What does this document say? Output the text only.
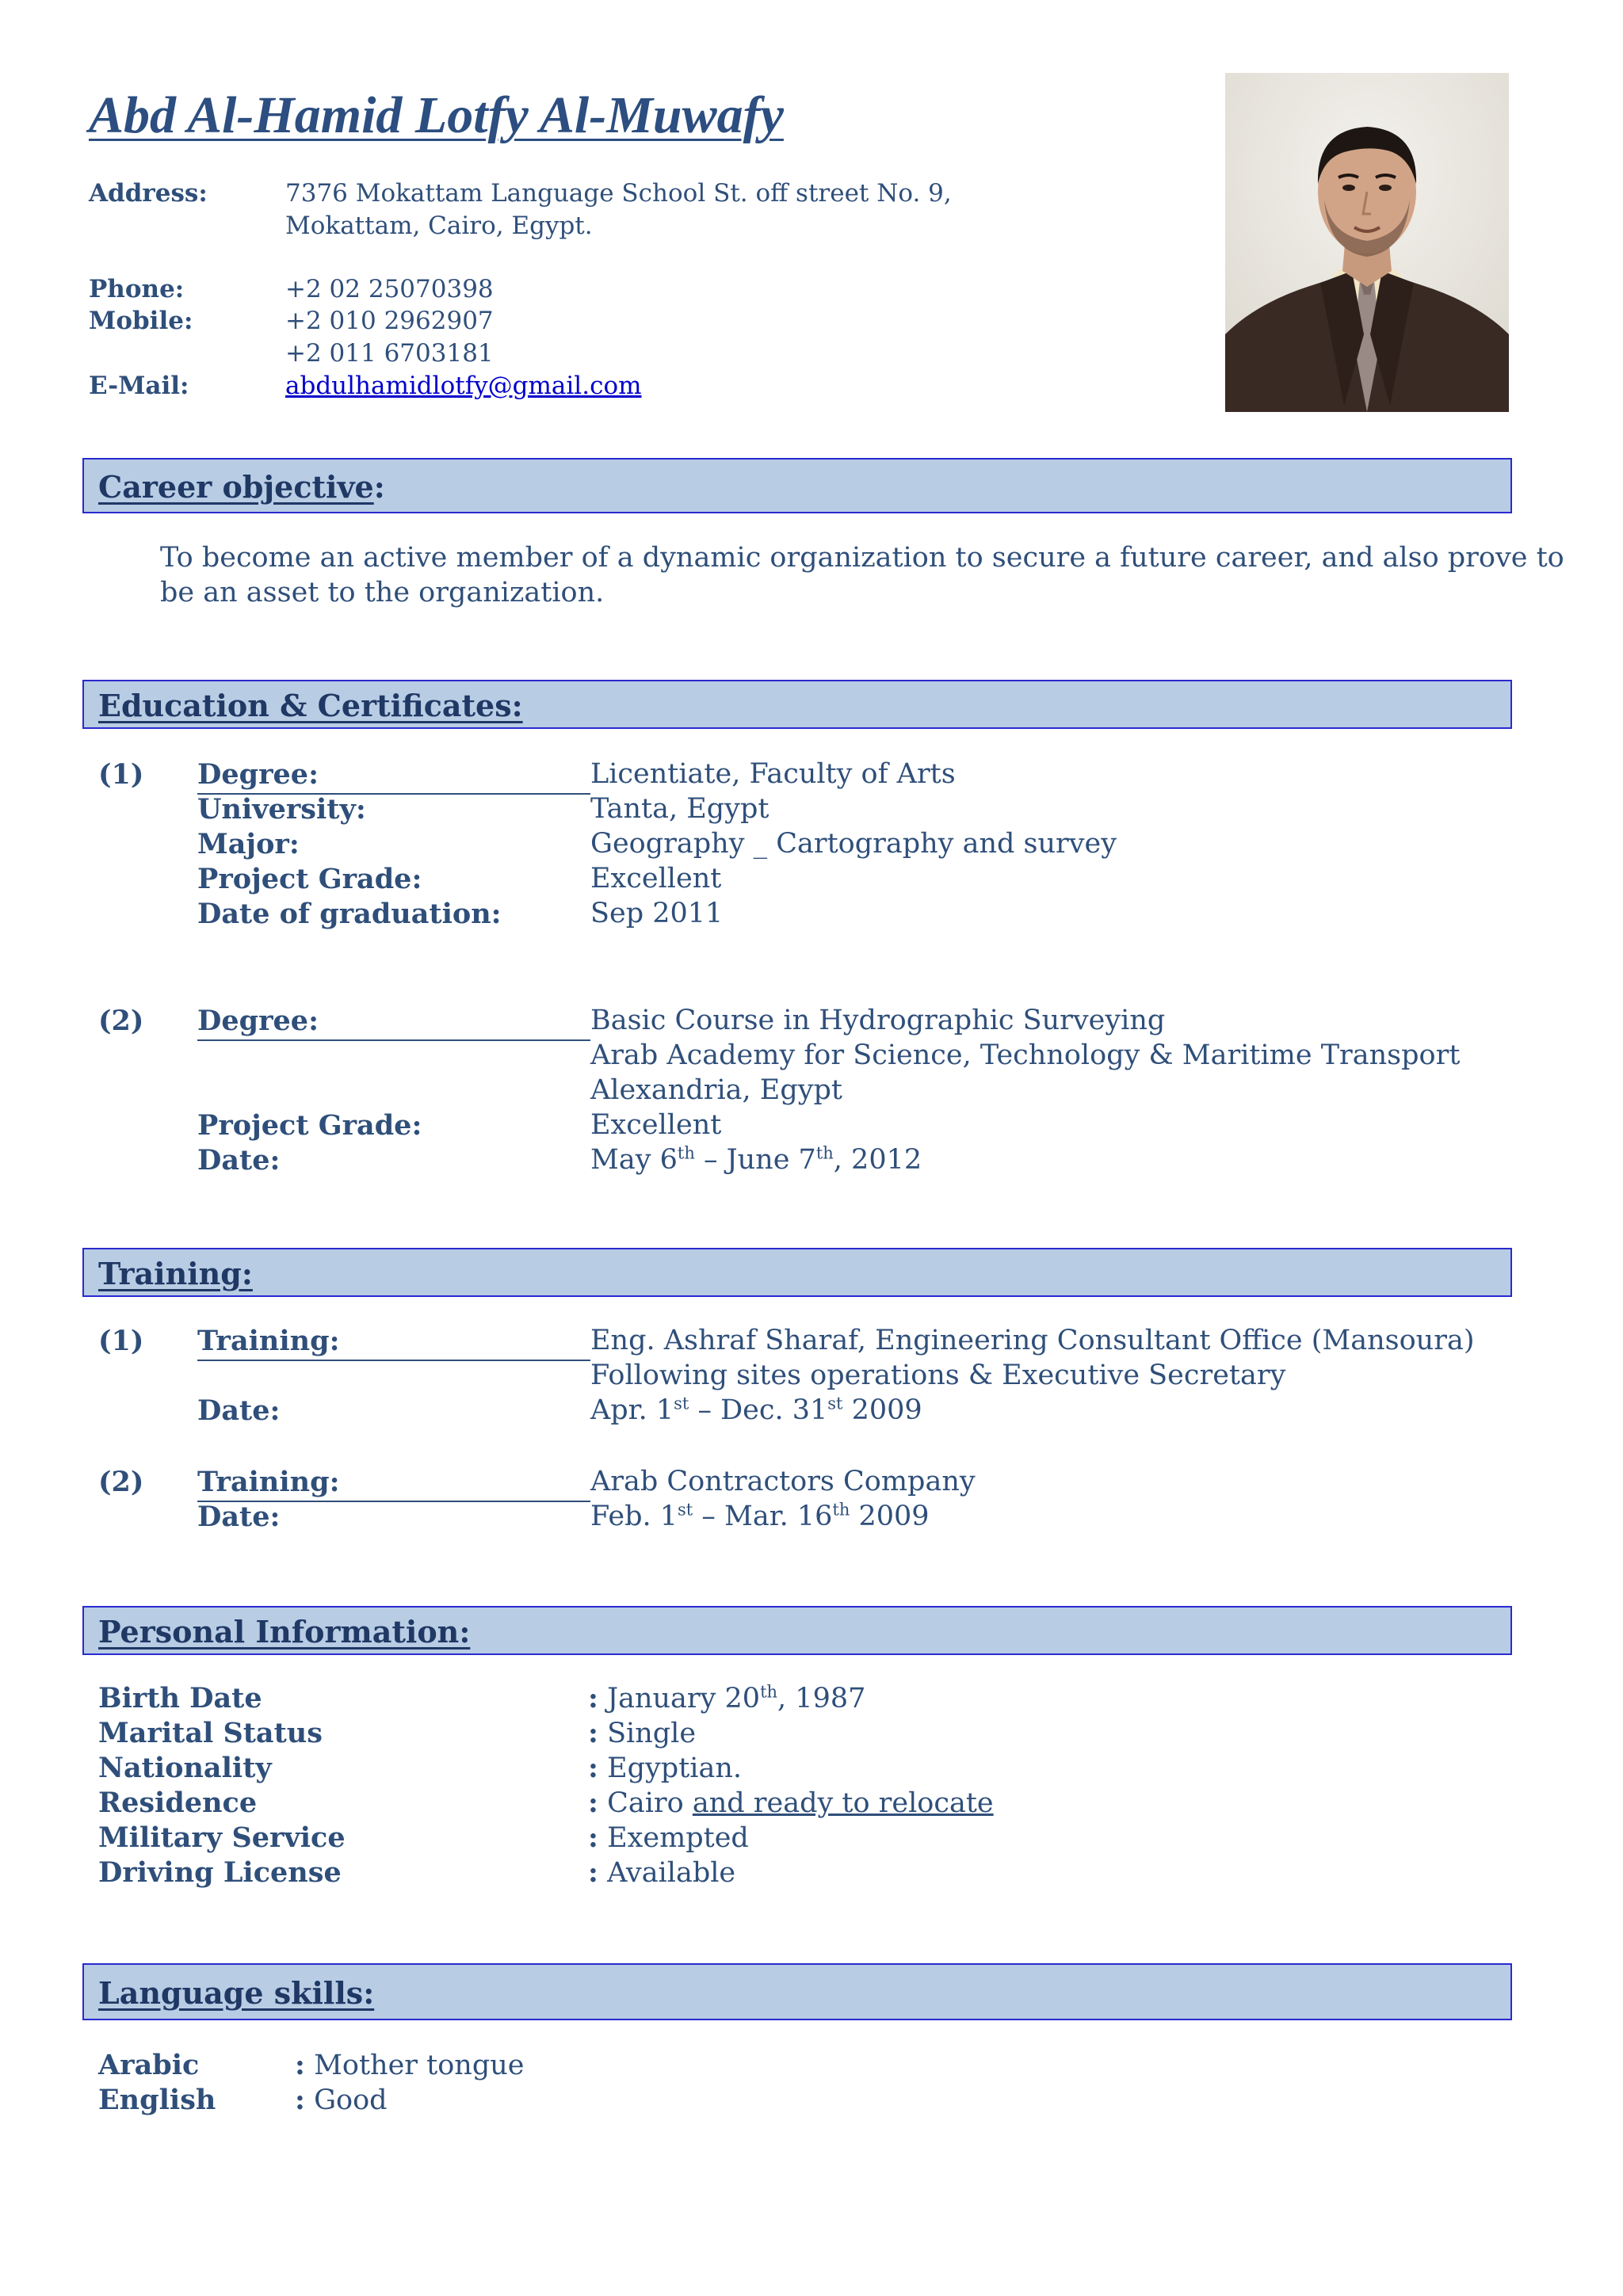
Abd Al-Hamid Lotfy Al-Muwafy
Address:	7376 Mokattam Language School St. off street No. 9,
Mokattam, Cairo, Egypt.
Phone:	+2 02 25070398
Mobile:	+2 010 2962907
+2 011 6703181
E-Mail:	abdulhamidlotfy@gmail.com
Career objective:
To become an active member of a dynamic organization to secure a future career, and also prove to
be an asset to the organization.
Education & Certificates:
(1) Degree:	Licentiate, Faculty of Arts
University:	Tanta, Egypt
Major:	Geography _ Cartography and survey
Project Grade:	Excellent
Date of graduation:	Sep 2011
(2) Degree:	Basic Course in Hydrographic Surveying
Arab Academy for Science, Technology & Maritime Transport
Alexandria, Egypt
Project Grade:	Excellent
Date:	May 6th – June 7th, 2012
Training:
(1) Training:	Eng. Ashraf Sharaf, Engineering Consultant Office (Mansoura)
Following sites operations & Executive Secretary
Date:	Apr. 1st – Dec. 31st 2009
(2) Training:	Arab Contractors Company
Date:	Feb. 1st – Mar. 16th 2009
Personal Information:
Birth Date	: January 20th, 1987
Marital Status	: Single
Nationality	: Egyptian.
Residence	: Cairo and ready to relocate
Military Service	: Exempted
Driving License	: Available
Language skills:
Arabic	: Mother tongue
English	: Good
